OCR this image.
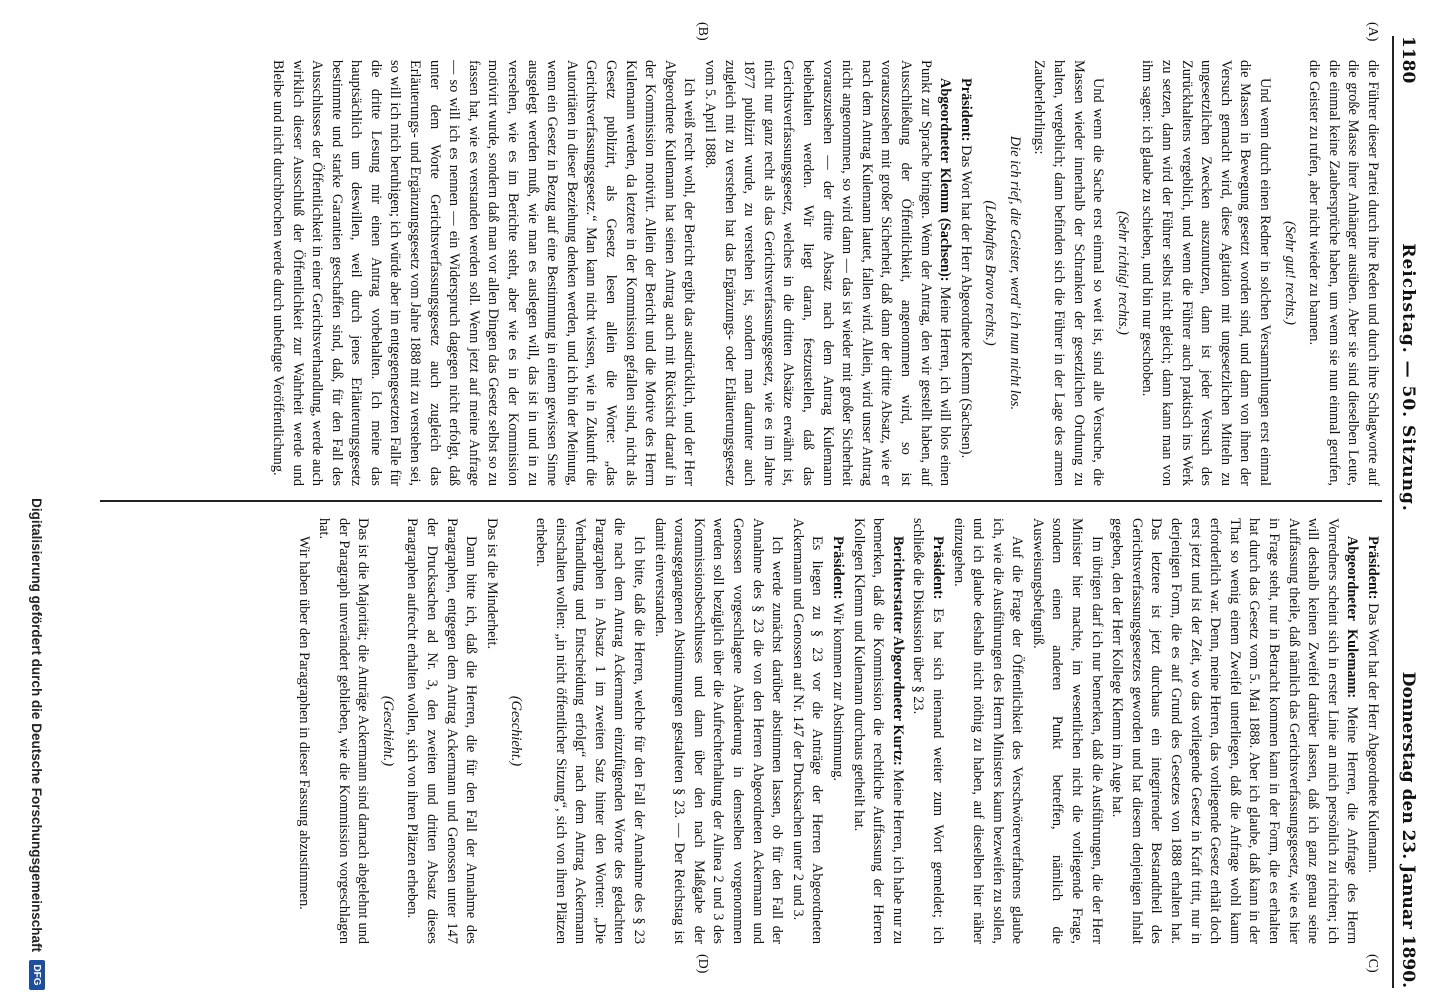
1180
Reichstag. — 50. Sitzung.
Donnerstag den 23. Januar 1890.
(A)
(B)
(C)
(D)

die Führer dieser Partei durch ihre Reden und durch ihre Schlagworte auf die große Masse ihrer Anhänger ausüben. Aber sie sind dieselben Leute, die einmal keine Zaubersprüche haben, um wenn sie nun einmal gerufen, die Geister zu rufen, aber nicht wieder zu bannen.

(Sehr gut! rechts.)

Und wenn durch einen Redner in solchen Versammlungen erst einmal die Massen in Bewegung gesetzt worden sind, und dann von ihnen der Versuch gemacht wird, diese Agitation mit ungesetzlichen Mitteln zu ungesetzlichen Zwecken auszunutzen, dann ist jeder Versuch des Zurückhaltens vergeblich, und wenn die Führer auch praktisch ins Werk zu setzen, dann wird der Führer selbst nicht gleich; dann kann man von ihm sagen: ich glaube zu schieben, und bin nur geschoben.

(Sehr richtig! rechts.)

Und wenn die Sache erst einmal so weit ist, sind alle Versuche, die Massen wieder innerhalb der Schranken der gesetzlichen Ordnung zu halten, vergeblich; dann befinden sich die Führer in der Lage des armen Zauberlehrlings:

Die ich rief, die Geister, werd' ich nun nicht los.

(Lebhaftes Bravo rechts.)

Präsident: Das Wort hat der Herr Abgeordnete Klemm (Sachsen).

Abgeordneter Klemm (Sachsen): Meine Herren, ich will blos einen Punkt zur Sprache bringen. Wenn der Antrag, den wir gestellt haben, auf Ausschließung der Öffentlichkeit, angenommen wird, so ist vorauszusehen mit großer Sicherheit, daß dann der dritte Absatz, wie er nach dem Antrag Kulemann lautet, fallen wird. Allein, wird unser Antrag nicht angenommen, so wird dann — das ist wieder mit großer Sicherheit vorauszusehen — der dritte Absatz nach dem Antrag Kulemann beibehalten werden. Wir liegt daran, festzustellen, daß das Gerichtsverfassungsgesetz, welches in die dritten Absätze erwähnt ist, nicht nur ganz recht als das Gerichtsverfassungsgesetz, wie es im Jahre 1877 publizirt wurde, zu verstehen ist, sondern man darunter auch zugleich mit zu verstehen hat das Ergänzungs- oder Erläuterungsgesetz vom 5. April 1888.

Ich weiß recht wohl, der Bericht ergibt das ausdrücklich, und der Herr Abgeordnete Kulemann hat seinen Antrag auch mit Rücksicht darauf in der Kommission motivirt. Allein der Bericht und die Motive des Herrn Kulemann werden, da letztere in der Kommission gefallen sind, nicht als Gesetz publizirt, als Gesetz lesen allein die Worte: „das Gerichtsverfassungsgesetz.“ Man kann nicht wissen, wie in Zukunft die Autoritäten in dieser Beziehung denken werden, und ich bin der Meinung, wenn ein Gesetz in Bezug auf eine Bestimmung in einem gewissen Sinne ausgelegt werden muß, wie man es auslegen will, das ist in und in zu versehen, wie es im Berichte steht, aber wie es in der Kommission motivirt wurde, sondern daß man vor allen Dingen das Gesetz selbst so zu fassen hat, wie es verstanden werden soll. Wenn jetzt auf meine Anfrage — so will ich es nennen — ein Widerspruch dagegen nicht erfolgt, daß unter dem Worte Gerichtsverfassungsgesetz auch zugleich das Erläuterungs- und Ergänzungsgesetz vom Jahre 1888 mit zu verstehen sei, so will ich mich beruhigen; ich würde aber im entgegengesetzten Falle für die dritte Lesung mir einen Antrag vorbehalten. Ich meine das hauptsächlich um deswillen, weil durch jenes Erläuterungsgesetz bestimmte und starke Garantien geschaffen sind, daß, für den Fall des Ausschlusses der Öffentlichkeit in einer Gerichtsverhandlung, werde auch wirklich dieser Ausschluß der Öffentlichkeit zur Wahrheit werde und Bleibe und nicht durchbrochen werde durch unbefugte Veröffentlichung.

Präsident: Das Wort hat der Herr Abgeordnete Kulemann.

Abgeordneter Kulemann: Meine Herren, die Anfrage des Herrn Vorredners scheint sich in erster Linie an mich persönlich zu richten; ich will deshalb keinen Zweifel darüber lassen, daß ich ganz genau seine Auffassung theile, daß nämlich das Gerichtsverfassungsgesetz, wie es hier in Frage steht, nur in Betracht kommen kann in der Form, die es erhalten hat durch das Gesetz vom 5. Mai 1888. Aber ich glaube, daß kann in der That so wenig einem Zweifel unterliegen, daß die Anfrage wohl kaum erforderlich war. Denn, meine Herren, das vorliegende Gesetz erhält doch erst jetzt und ist der Zeit, wo das vorliegende Gesetz in Kraft tritt, nur in derjenigen Form, die es auf Grund des Gesetzes von 1888 erhalten hat. Das letztere ist jetzt durchaus ein integrirender Bestandtheil des Gerichtsverfassungsgesetzes geworden und hat diesem denjenigen Inhalt gegeben, den der Herr Kollege Klemm im Auge hat.

Im übrigen darf ich nur bemerken, daß die Ausführungen, die der Herr Minister hier machte, im wesentlichen nicht die vorliegende Frage, sondern einen anderen Punkt betreffen, nämlich die Ausweisungsbefugniß.

Auf die Frage der Öffentlichkeit des Verschwörerverfahrens glaube ich, wie die Ausführungen des Herrn Ministers kaum bezweifen zu sollen, und ich glaube deshalb nicht nöthig zu haben, auf dieselben hier näher einzugehen.

Präsident: Es hat sich niemand weiter zum Wort gemeldet; ich schließe die Diskussion über § 23.

Berichterstatter Abgeordneter Kurtz: Meine Herren, ich habe nur zu bemerken, daß die Kommission die rechtliche Auffassung der Herren Kollegen Klemm und Kulemann durchaus getheilt hat.

Präsident: Wir kommen zur Abstimmung.

Es liegen zu § 23 vor die Anträge der Herren Abgeordneten Ackermann und Genossen auf Nr. 147 der Drucksachen unter 2 und 3.

Ich werde zunächst darüber abstimmen lassen, ob für den Fall der Annahme des § 23 die von den Herren Abgeordneten Ackermann und Genossen vorgeschlagene Abänderung in demselben vorgenommen werden soll bezüglich über die Aufrechterhaltung der Alinea 2 und 3 des Kommissionsbeschlusses und dann über den nach Maßgabe der vorausgegangenen Abstimmungen gestalteten § 23. — Der Reichstag ist damit einverstanden.

Ich bitte, daß die Herren, welche für den Fall der Annahme des § 23 die nach dem Antrag Ackermann einzufügenden Worte des gedachten Paragraphen in Absatz 1 im zweiten Satz hinter den Worten: „Die Verhandlung und Entscheidung erfolgt“ nach dem Antrag Ackermann einschalten wollen: „in nicht öffentlicher Sitzung“, sich von ihren Plätzen erheben.

(Geschieht.)

Das ist die Minderheit.

Dann bitte ich, daß die Herren, die für den Fall der Annahme des Paragraphen, entgegen dem Antrag Ackermann und Genossen unter 147 der Drucksachen ad Nr. 3, den zweiten und dritten Absatz dieses Paragraphen aufrecht erhalten wollen, sich von ihren Plätzen erheben.

(Geschieht.)

Das ist die Majorität; die Anträge Ackermann sind darnach abgelehnt und der Paragraph unverändert geblieben, wie die Kommission vorgeschlagen hat.

Wir haben über den Paragraphen in dieser Fassung abzustimmen.

Digitalisierung gefördert durch die Deutsche Forschungsgemeinschaft
DFG
